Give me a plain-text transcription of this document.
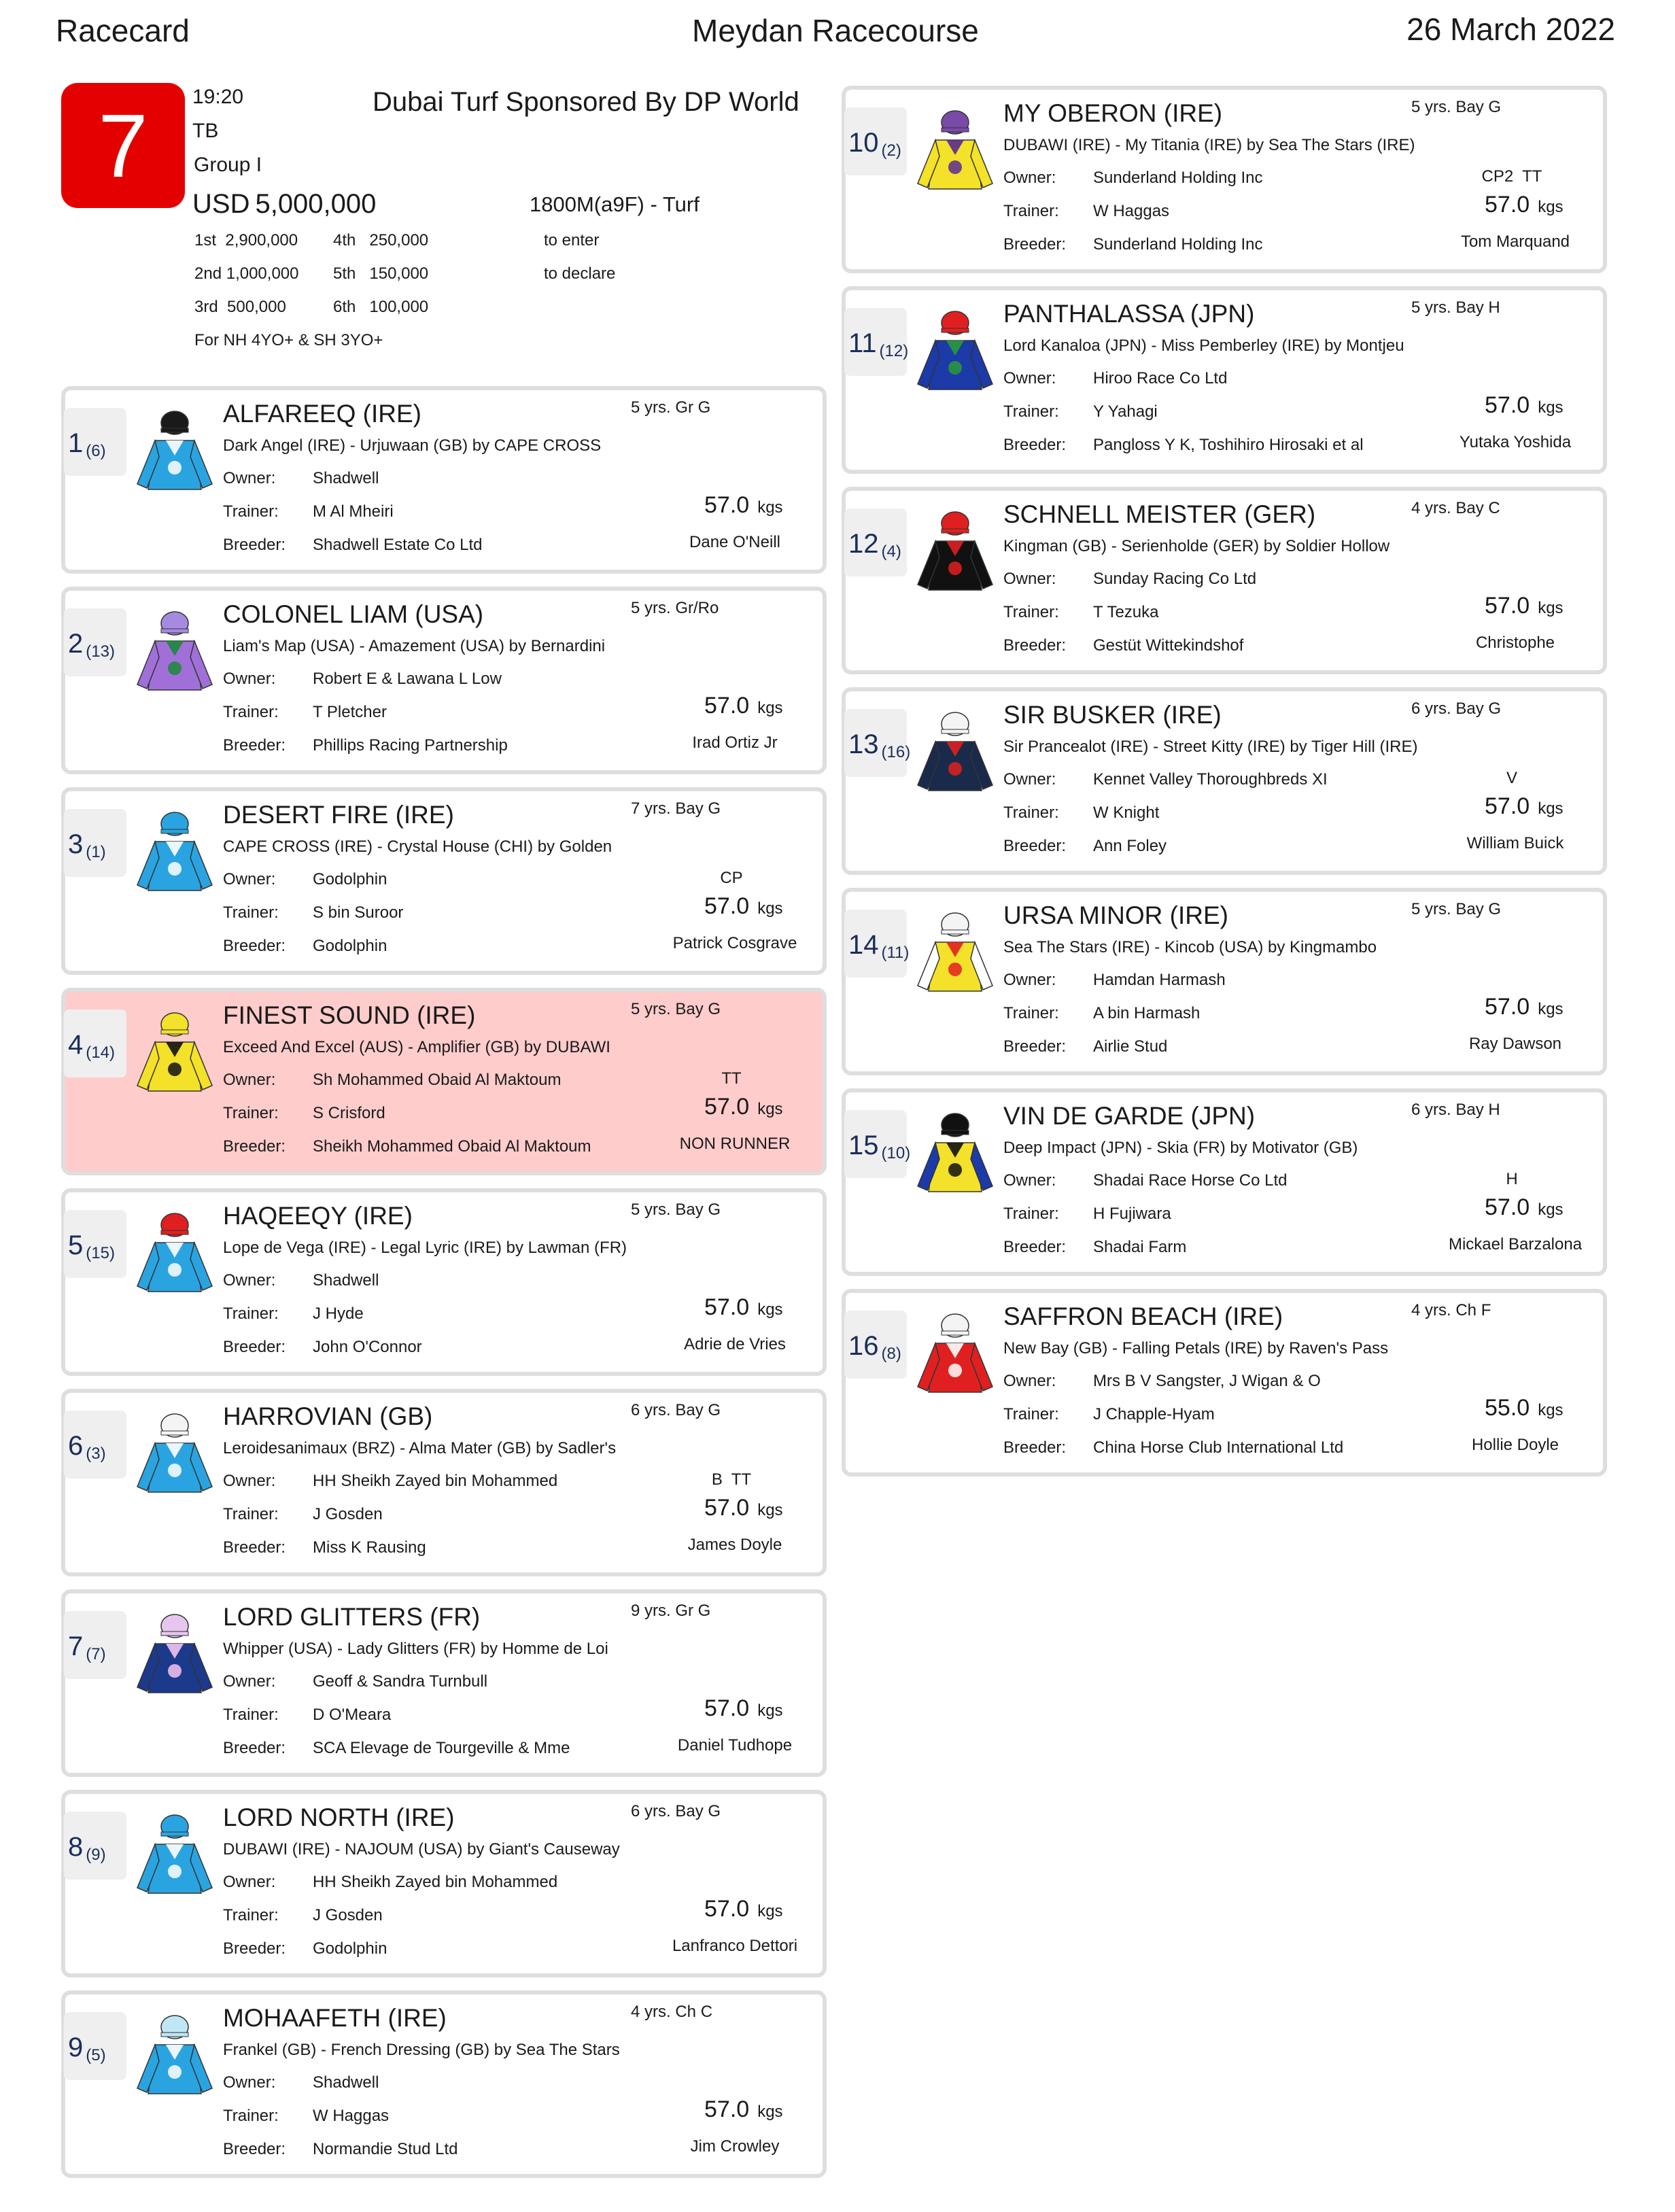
Racecard	Meydan Racecourse	26 March 2022
7	19:20
TB
Group I
Dubai Turf Sponsored By DP World
USD 5,000,000	1800M(a9F) - Turf
1st 2,900,000
2nd 1,000,000
3rd 500,000
4th 250,000
5th 150,000
6th 100,000
to enter
to declare
For NH 4YO+ & SH 3YO+
1 $_{(6)}$
ALFAREEQ (IRE)	5 yrs. Gr G
Dark Angel (IRE) - Urjuwaan (GB) by CAPE CROSS
Owner: Shadwell
Trainer: M Al Mheiri
Breeder: Shadwell Estate Co Ltd
57.0 kgs
Dane O'Neill
2 $_{(13)}$
COLONEL LIAM (USA)	5 yrs. Gr/Ro
Liam's Map (USA) - Amazement (USA) by Bernardini
Owner: Robert E & Lawana L Low
Trainer: T Pletcher
Breeder: Phillips Racing Partnership
57.0 kgs
Irad Ortiz Jr
3 $_{(1)}$
DESERT FIRE (IRE)	7 yrs. Bay G
CAPE CROSS (IRE) - Crystal House (CHI) by Golden
Owner: Godolphin
Trainer: S bin Suroor
Breeder: Godolphin
CP
57.0 kgs
Patrick Cosgrave
4 $_{(14)}$
FINEST SOUND (IRE)	5 yrs. Bay G
Exceed And Excel (AUS) - Amplifier (GB) by DUBAWI
Owner: Sh Mohammed Obaid Al Maktoum
Trainer: S Crisford
Breeder: Sheikh Mohammed Obaid Al Maktoum
TT
57.0 kgs
NON RUNNER
5 $_{(15)}$
HAQEEQY (IRE)	5 yrs. Bay G
Lope de Vega (IRE) - Legal Lyric (IRE) by Lawman (FR)
Owner: Shadwell
Trainer: J Hyde
Breeder: John O'Connor
57.0 kgs
Adrie de Vries
6 $_{(3)}$
HARROVIAN (GB)	6 yrs. Bay G
Leroidesanimaux (BRZ) - Alma Mater (GB) by Sadler's
Owner: HH Sheikh Zayed bin Mohammed
Trainer: J Gosden
Breeder: Miss K Rausing
B  TT
57.0 kgs
James Doyle
7 $_{(7)}$
LORD GLITTERS (FR)	9 yrs. Gr G
Whipper (USA) - Lady Glitters (FR) by Homme de Loi
Owner: Geoff & Sandra Turnbull
Trainer: D O'Meara
Breeder: SCA Elevage de Tourgeville & Mme
57.0 kgs
Daniel Tudhope
8 $_{(9)}$
LORD NORTH (IRE)	6 yrs. Bay G
DUBAWI (IRE) - NAJOUM (USA) by Giant's Causeway
Owner: HH Sheikh Zayed bin Mohammed
Trainer: J Gosden
Breeder: Godolphin
57.0 kgs
Lanfranco Dettori
9 $_{(5)}$
MOHAAFETH (IRE)	4 yrs. Ch C
Frankel (GB) - French Dressing (GB) by Sea The Stars
Owner: Shadwell
Trainer: W Haggas
Breeder: Normandie Stud Ltd
57.0 kgs
Jim Crowley
10 $_{(2)}$
MY OBERON (IRE)	5 yrs. Bay G
DUBAWI (IRE) - My Titania (IRE) by Sea The Stars (IRE)
Owner: Sunderland Holding Inc
Trainer: W Haggas
Breeder: Sunderland Holding Inc
CP2  TT
57.0 kgs
Tom Marquand
11 $_{(12)}$
PANTHALASSA (JPN)	5 yrs. Bay H
Lord Kanaloa (JPN) - Miss Pemberley (IRE) by Montjeu
Owner: Hiroo Race Co Ltd
Trainer: Y Yahagi
Breeder: Pangloss Y K, Toshihiro Hirosaki et al
57.0 kgs
Yutaka Yoshida
12 $_{(4)}$
SCHNELL MEISTER (GER)	4 yrs. Bay C
Kingman (GB) - Serienholde (GER) by Soldier Hollow
Owner: Sunday Racing Co Ltd
Trainer: T Tezuka
Breeder: Gestüt Wittekindshof
57.0 kgs
Christophe
13 $_{(16)}$
SIR BUSKER (IRE)	6 yrs. Bay G
Sir Prancealot (IRE) - Street Kitty (IRE) by Tiger Hill (IRE)
Owner: Kennet Valley Thoroughbreds XI
Trainer: W Knight
Breeder: Ann Foley
V
57.0 kgs
William Buick
14 $_{(11)}$
URSA MINOR (IRE)	5 yrs. Bay G
Sea The Stars (IRE) - Kincob (USA) by Kingmambo
Owner: Hamdan Harmash
Trainer: A bin Harmash
Breeder: Airlie Stud
57.0 kgs
Ray Dawson
15 $_{(10)}$
VIN DE GARDE (JPN)	6 yrs. Bay H
Deep Impact (JPN) - Skia (FR) by Motivator (GB)
Owner: Shadai Race Horse Co Ltd
Trainer: H Fujiwara
Breeder: Shadai Farm
H
57.0 kgs
Mickael Barzalona
16 $_{(8)}$
SAFFRON BEACH (IRE)	4 yrs. Ch F
New Bay (GB) - Falling Petals (IRE) by Raven's Pass
Owner: Mrs B V Sangster, J Wigan & O
Trainer: J Chapple-Hyam
Breeder: China Horse Club International Ltd
55.0 kgs
Hollie Doyle
